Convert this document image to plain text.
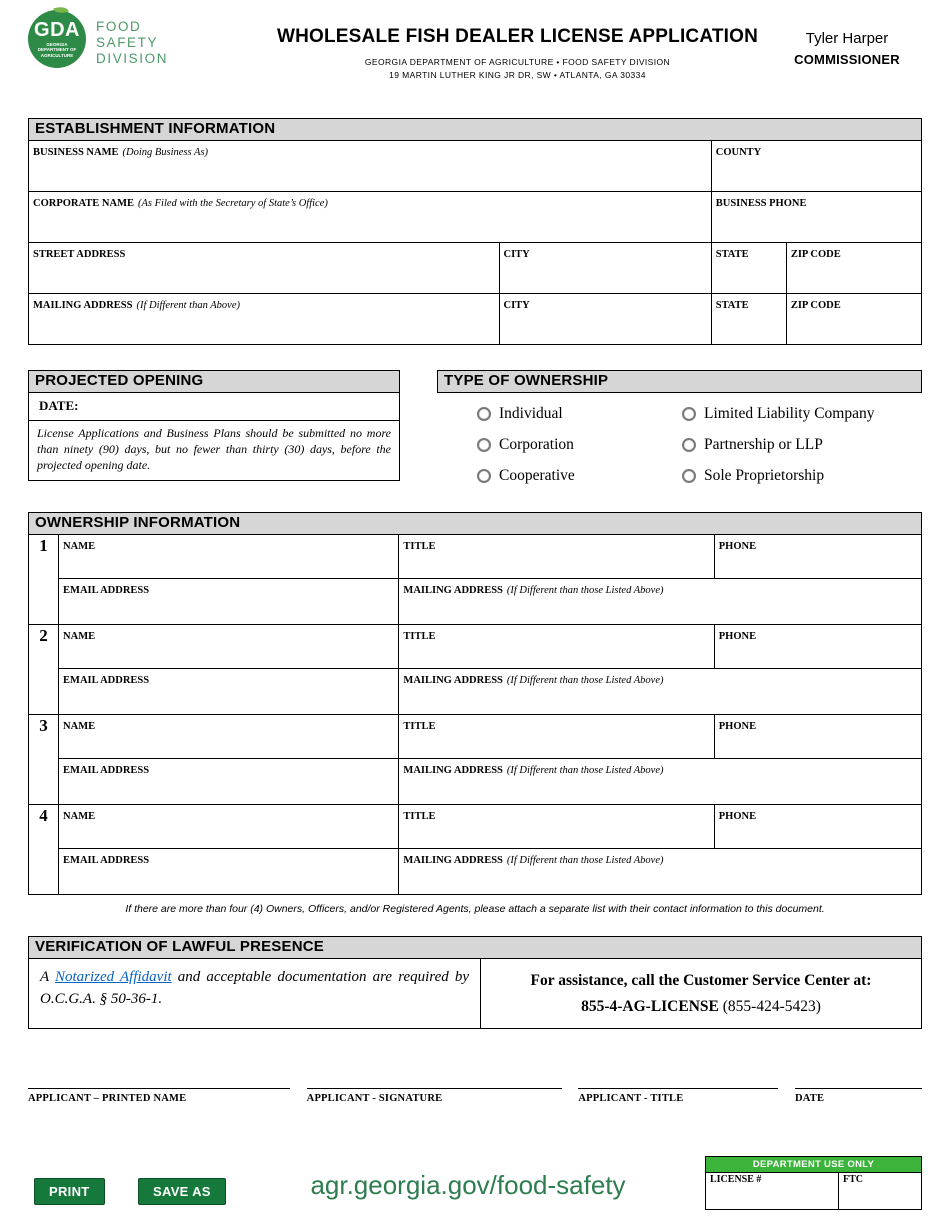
GDA
GEORGIA DEPARTMENT OF AGRICULTURE
FOOD
SAFETY
DIVISION
WHOLESALE FISH DEALER LICENSE APPLICATION
GEORGIA DEPARTMENT OF AGRICULTURE • FOOD SAFETY DIVISION
19 MARTIN LUTHER KING JR DR, SW • ATLANTA, GA 30334
Tyler Harper
COMMISSIONER
ESTABLISHMENT INFORMATION
BUSINESS NAME (Doing Business As)		COUNTY	
CORPORATE NAME (As Filed with the Secretary of State’s Office)		BUSINESS PHONE	
STREET ADDRESS	CITY	STATE	ZIP CODE
MAILING ADDRESS (If Different than Above)	CITY	STATE	ZIP CODE
PROJECTED OPENING
DATE:
License Applications and Business Plans should be submitted no more than ninety (90) days, but no fewer than thirty (30) days, before the projected opening date.
TYPE OF OWNERSHIP
Individual	Limited Liability Company
Corporation	Partnership or LLP
Cooperative	Sole Proprietorship
OWNERSHIP INFORMATION
1	NAME	TITLE	PHONE
	EMAIL ADDRESS	MAILING ADDRESS (If Different than those Listed Above)	
2	NAME	TITLE	PHONE
	EMAIL ADDRESS	MAILING ADDRESS (If Different than those Listed Above)	
3	NAME	TITLE	PHONE
	EMAIL ADDRESS	MAILING ADDRESS (If Different than those Listed Above)	
4	NAME	TITLE	PHONE
	EMAIL ADDRESS	MAILING ADDRESS (If Different than those Listed Above)	
If there are more than four (4) Owners, Officers, and/or Registered Agents, please attach a separate list with their contact information to this document.
VERIFICATION OF LAWFUL PRESENCE
A Notarized Affidavit and acceptable documentation are required by O.C.G.A. § 50-36-1.
For assistance, call the Customer Service Center at:
855-4-AG-LICENSE (855-424-5423)
APPLICANT – PRINTED NAME	APPLICANT - SIGNATURE	APPLICANT - TITLE	DATE
PRINT	SAVE AS	agr.georgia.gov/food-safety
DEPARTMENT USE ONLY
LICENSE #	FTC
